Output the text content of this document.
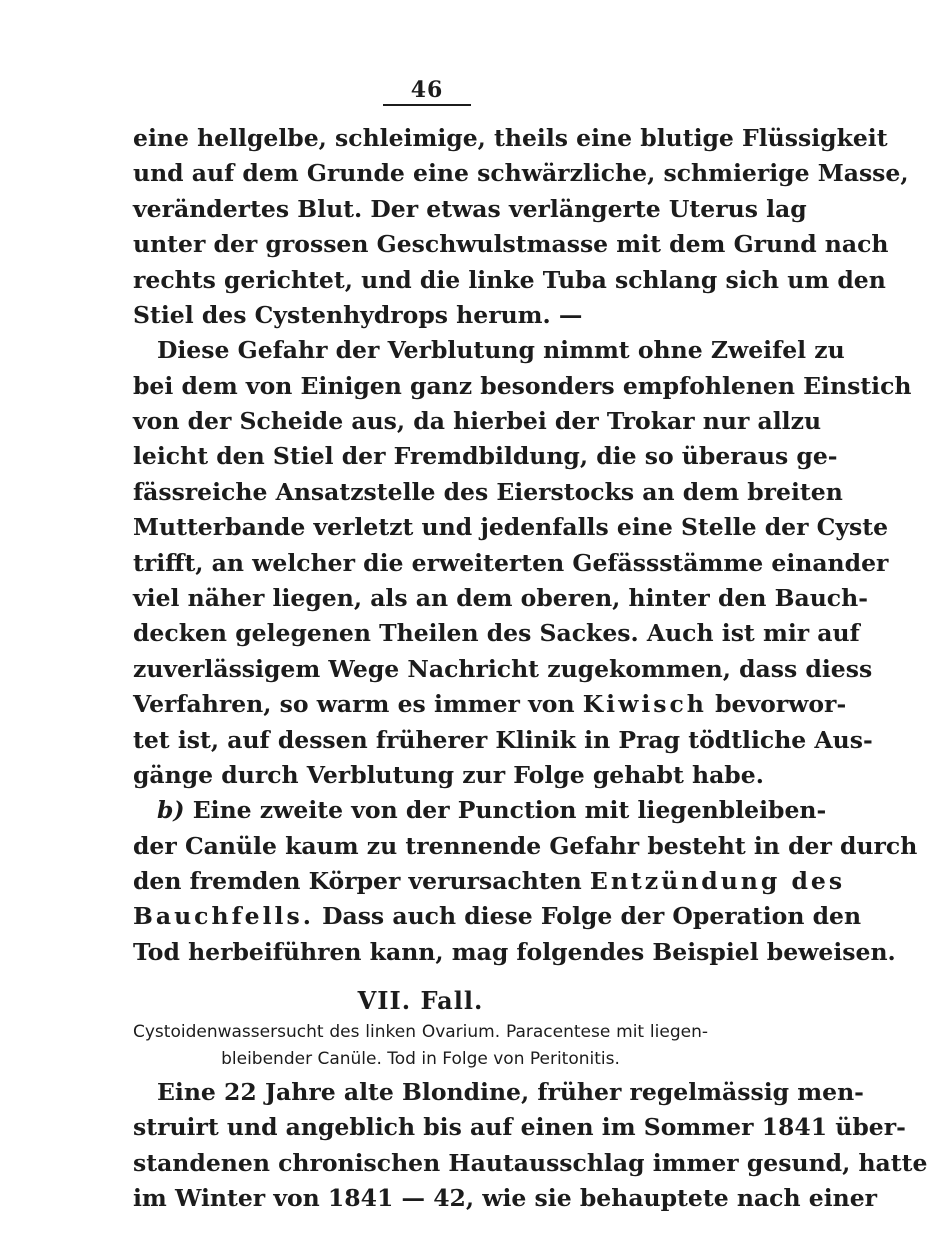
46
eine hellgelbe, schleimige, theils eine blutige Flüssigkeit
und auf dem Grunde eine schwärzliche, schmierige Masse,
verändertes Blut. Der etwas verlängerte Uterus lag
unter der grossen Geschwulstmasse mit dem Grund nach
rechts gerichtet, und die linke Tuba schlang sich um den
Stiel des Cystenhydrops herum. —
Diese Gefahr der Verblutung nimmt ohne Zweifel zu
bei dem von Einigen ganz besonders empfohlenen Einstich
von der Scheide aus, da hierbei der Trokar nur allzu
leicht den Stiel der Fremdbildung, die so überaus ge-
fässreiche Ansatzstelle des Eierstocks an dem breiten
Mutterbande verletzt und jedenfalls eine Stelle der Cyste
trifft, an welcher die erweiterten Gefässstämme einander
viel näher liegen, als an dem oberen, hinter den Bauch-
decken gelegenen Theilen des Sackes. Auch ist mir auf
zuverlässigem Wege Nachricht zugekommen, dass diess
Verfahren, so warm es immer von Kiwisch bevorwor-
tet ist, auf dessen früherer Klinik in Prag tödtliche Aus-
gänge durch Verblutung zur Folge gehabt habe.
b) Eine zweite von der Punction mit liegenbleiben-
der Canüle kaum zu trennende Gefahr besteht in der durch
den fremden Körper verursachten Entzündung des
Bauchfells. Dass auch diese Folge der Operation den
Tod herbeiführen kann, mag folgendes Beispiel beweisen.
VII. Fall.
Cystoidenwassersucht des linken Ovarium. Paracentese mit liegen-
bleibender Canüle. Tod in Folge von Peritonitis.
Eine 22 Jahre alte Blondine, früher regelmässig men-
struirt und angeblich bis auf einen im Sommer 1841 über-
standenen chronischen Hautausschlag immer gesund, hatte
im Winter von 1841 — 42, wie sie behauptete nach einer
